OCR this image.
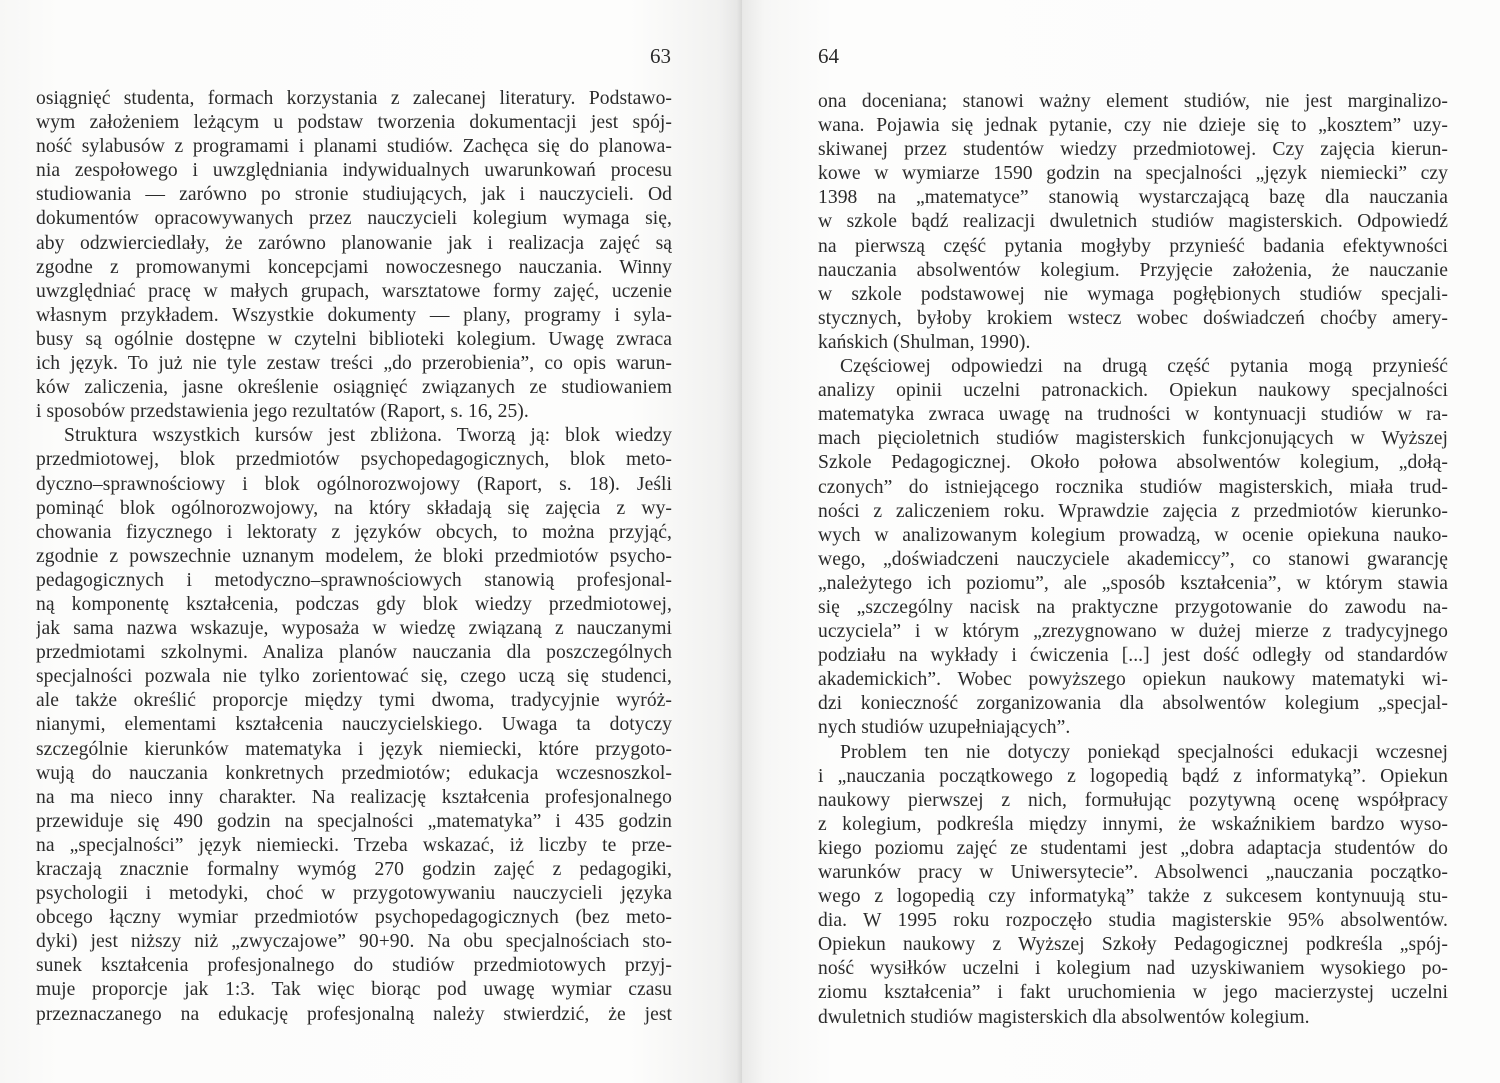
63
osiągnięć studenta, formach korzystania z zalecanej literatury. Podstawo-
wym założeniem leżącym u podstaw tworzenia dokumentacji jest spój-
ność sylabusów z programami i planami studiów. Zachęca się do planowa-
nia zespołowego i uwzględniania indywidualnych uwarunkowań procesu
studiowania — zarówno po stronie studiujących, jak i nauczycieli. Od
dokumentów opracowywanych przez nauczycieli kolegium wymaga się,
aby odzwierciedlały, że zarówno planowanie jak i realizacja zajęć są
zgodne z promowanymi koncepcjami nowoczesnego nauczania. Winny
uwzględniać pracę w małych grupach, warsztatowe formy zajęć, uczenie
własnym przykładem. Wszystkie dokumenty — plany, programy i syla-
busy są ogólnie dostępne w czytelni biblioteki kolegium. Uwagę zwraca
ich język. To już nie tyle zestaw treści „do przerobienia”, co opis warun-
ków zaliczenia, jasne określenie osiągnięć związanych ze studiowaniem
i sposobów przedstawienia jego rezultatów (Raport, s. 16, 25).
Struktura wszystkich kursów jest zbliżona. Tworzą ją: blok wiedzy
przedmiotowej, blok przedmiotów psychopedagogicznych, blok meto-
dyczno–sprawnościowy i blok ogólnorozwojowy (Raport, s. 18). Jeśli
pominąć blok ogólnorozwojowy, na który składają się zajęcia z wy-
chowania fizycznego i lektoraty z języków obcych, to można przyjąć,
zgodnie z powszechnie uznanym modelem, że bloki przedmiotów psycho-
pedagogicznych i metodyczno–sprawnościowych stanowią profesjonal-
ną komponentę kształcenia, podczas gdy blok wiedzy przedmiotowej,
jak sama nazwa wskazuje, wyposaża w wiedzę związaną z nauczanymi
przedmiotami szkolnymi. Analiza planów nauczania dla poszczególnych
specjalności pozwala nie tylko zorientować się, czego uczą się studenci,
ale także określić proporcje między tymi dwoma, tradycyjnie wyróż-
nianymi, elementami kształcenia nauczycielskiego. Uwaga ta dotyczy
szczególnie kierunków matematyka i język niemiecki, które przygoto-
wują do nauczania konkretnych przedmiotów; edukacja wczesnoszkol-
na ma nieco inny charakter. Na realizację kształcenia profesjonalnego
przewiduje się 490 godzin na specjalności „matematyka” i 435 godzin
na „specjalności” język niemiecki. Trzeba wskazać, iż liczby te prze-
kraczają znacznie formalny wymóg 270 godzin zajęć z pedagogiki,
psychologii i metodyki, choć w przygotowywaniu nauczycieli języka
obcego łączny wymiar przedmiotów psychopedagogicznych (bez meto-
dyki) jest niższy niż „zwyczajowe” 90+90. Na obu specjalnościach sto-
sunek kształcenia profesjonalnego do studiów przedmiotowych przyj-
muje proporcje jak 1:3. Tak więc biorąc pod uwagę wymiar czasu
przeznaczanego na edukację profesjonalną należy stwierdzić, że jest
64
ona doceniana; stanowi ważny element studiów, nie jest marginalizo-
wana. Pojawia się jednak pytanie, czy nie dzieje się to „kosztem” uzy-
skiwanej przez studentów wiedzy przedmiotowej. Czy zajęcia kierun-
kowe w wymiarze 1590 godzin na specjalności „język niemiecki” czy
1398 na „matematyce” stanowią wystarczającą bazę dla nauczania
w szkole bądź realizacji dwuletnich studiów magisterskich. Odpowiedź
na pierwszą część pytania mogłyby przynieść badania efektywności
nauczania absolwentów kolegium. Przyjęcie założenia, że nauczanie
w szkole podstawowej nie wymaga pogłębionych studiów specjali-
stycznych, byłoby krokiem wstecz wobec doświadczeń choćby amery-
kańskich (Shulman, 1990).
Częściowej odpowiedzi na drugą część pytania mogą przynieść
analizy opinii uczelni patronackich. Opiekun naukowy specjalności
matematyka zwraca uwagę na trudności w kontynuacji studiów w ra-
mach pięcioletnich studiów magisterskich funkcjonujących w Wyższej
Szkole Pedagogicznej. Około połowa absolwentów kolegium, „dołą-
czonych” do istniejącego rocznika studiów magisterskich, miała trud-
ności z zaliczeniem roku. Wprawdzie zajęcia z przedmiotów kierunko-
wych w analizowanym kolegium prowadzą, w ocenie opiekuna nauko-
wego, „doświadczeni nauczyciele akademiccy”, co stanowi gwarancję
„należytego ich poziomu”, ale „sposób kształcenia”, w którym stawia
się „szczególny nacisk na praktyczne przygotowanie do zawodu na-
uczyciela” i w którym „zrezygnowano w dużej mierze z tradycyjnego
podziału na wykłady i ćwiczenia [...] jest dość odległy od standardów
akademickich”. Wobec powyższego opiekun naukowy matematyki wi-
dzi konieczność zorganizowania dla absolwentów kolegium „specjal-
nych studiów uzupełniających”.
Problem ten nie dotyczy poniekąd specjalności edukacji wczesnej
i „nauczania początkowego z logopedią bądź z informatyką”. Opiekun
naukowy pierwszej z nich, formułując pozytywną ocenę współpracy
z kolegium, podkreśla między innymi, że wskaźnikiem bardzo wyso-
kiego poziomu zajęć ze studentami jest „dobra adaptacja studentów do
warunków pracy w Uniwersytecie”. Absolwenci „nauczania początko-
wego z logopedią czy informatyką” także z sukcesem kontynuują stu-
dia. W 1995 roku rozpoczęło studia magisterskie 95% absolwentów.
Opiekun naukowy z Wyższej Szkoły Pedagogicznej podkreśla „spój-
ność wysiłków uczelni i kolegium nad uzyskiwaniem wysokiego po-
ziomu kształcenia” i fakt uruchomienia w jego macierzystej uczelni
dwuletnich studiów magisterskich dla absolwentów kolegium.
